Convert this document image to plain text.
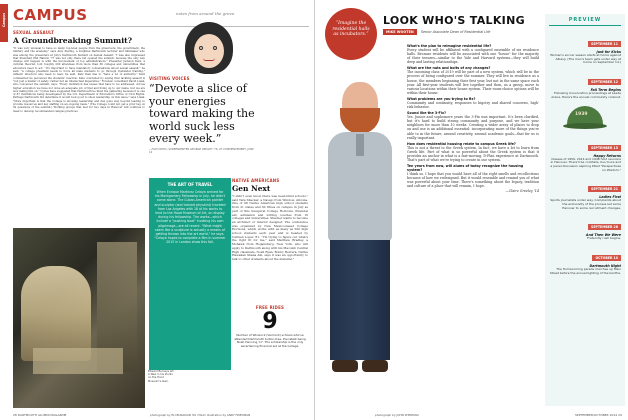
Campus CAMPUS	notes from around the green
SEXUAL ASSAULT
A Groundbreaking Summit?
"It was very unusual to have so many top-level people from the grassroots, the government, the military and the academy," says Amy Ziering, a longtime Dartmouth lecturer and filmmaker who was among the presenters at July's Dartmouth Summit on Sexual Assault. "I was also impressed that President Phil Hanlon '77 was not only there but opened the summit, because the only way change will happen is with the involvement of top administrators." Presenter Jackson Katz, a cultural theorist, told roughly 200 attendees from more than 60 colleges and universities that educators need to act. "It's important to have mandatory conversations about sexual assault," he said. "A college president needs to force all male students to go through bystander training." Athletic directors also need to lead, he said. Katz then has to "have a lot of authority." Katz commented he perceived the students' reaction. Katz concluded by saying that tackling assault is "not just a matter of safety; rather but an intellectual imperative." Forensic consultant David Lisak, who conceived the summit, says, "Every institution has issues that have to be addressed. Across higher education we have not done an adequate job of that and living up to our name, but we are now taking this on." Cycles have suggested that Dartmouth be fined the gathering because it is one of 67 institutions being investigated by the U.S. Department of Education's Office of Civil Rights. Perhaps Dartmouth did determine it would look good to show leadership on this issue," says Lisak. "More important is that the College is showing leadership and has gone way beyond leading to provide resources and key staffing on an ongoing basis." (The College could not get a prior tag on its questions of the summit.) Working groups that met for two days in Hanover will continue to meet to develop recommended campus practices.
Edward Bernays art: A New in his studio on the Hood Museum's lawn.
THE ART OF TRAVEL
When Enrique Martinez Celaya arrived for his Montgomery Fellowship in July, he didn't come alone. The Cuban-American painter and sculptor (and trained physicist) traveled from Los Angeles with 18 of his works to lend to the Hood Museum of Art, on display during his fellowship. The works—which include a "pushing boat" invoking his own pilgrimage—are all recent. "What might seem like a sculpture is actually a means of getting thrown into the art world," he says. "Celaya hopes to complete a film in summer 2015 in London show this fall.
28 DARTMOUTH ALUMNI MAGAZINE	photograph by ELI BURAKIAN '00 (TALK) illustration by ANDY FRIEDMAN
VISITING VOICES
“Devote a slice of your energies toward making the world suck less every week.”
—FILM CRITIC, SCREENWRITER GEORGE WRIGHT '76, AT COMMENCEMENT, JUNE 14
NATIVE AMERICANS
Gen Next
"I didn't even know there was need-blind schools," said Tara Shacker, a Navajo from Window, Arizona. One of 99 Native American high school students from 21 states and 30 tribes on campus in July as part of this inaugural College Horizons, financial aid, admission and writing coaches from 16 colleges and universities. Shacker wants to become an architect or interior designer. The conference was organized by New Mexico-based College Horizons, which works with as many as 500 high school students each year and is headed by Carmen Lopez '81. "I'm trying to figure out what's the right fit for me," said Matthew Bradley, a Mohawk from Hogansburg, New York, who will apply to Dartmouth along with his Macomb Central High classmate. Noah Ryan, Bobby Herrera, Native Hawaiian Shana Ahi, says it was an opportunity to talk to other students about the material."
FREE RIDES
9
Number of Winslock (Vermont) schools who've attended Dartmouth tuition-free, the latest being Noah Henning '17. The scholarship is the only ascertaining financial aid at the College.
“Imagine the residential halls as incubators.”
LOOK WHO'S TALKING
MIKE WOOTEN Senior Associate Dean of Residential Life
What's the plan to reimagine residential life?
Every student will be affiliated with a configured ensemble of six residence halls. Because residents will be associated with one "house" for the majority of their tenures—similar to the Yale and Harvard systems—they will build deep and lasting relationships.
What are the nuts and bolts of any changes?
The incoming class of 2019 will be part of a new system, which will be in the process of being configured over the summer. They will live in residence as a house, the members beginning their first year, but not in the same space each year. All first-year students will live together and then, as a group, move to various locations within their house system. Their room-choice options will be within their house.
What problems are you trying to fix?
Community and continuity, responses to bigotry and shared concerns, high-risk behavior.
Sound like the 3-Fix?
Yes. Junior and sophomore years the 3-Fix was important. It's been clarified, but it's hard to build strong community and purpose, and we have your neighbors for more than 10 weeks. Creating a wider array of places to drop on and use is an additional essential: incorporating more of the things you're able to in the future, around creativity, around academic goals—that for us is really important.
How does residential housing relate to campus Greek life?
This is not a threat to the Greek system. In fact, we have a lot to learn from Greek life. Part of what is so powerful about the Greek system is that it provides an anchor in what is a fast-moving, D-Plan experience at Dartmouth. That's part of what we're trying to create in our system.
Ten years from now, will alums of today recognize the housing system?
I think so. I hope that you would have all of the right smells and recollections because of how we redesigned. But it would resemble and remind you of what was powerful about your time. There's something about the legacy, tradition and culture of a place that will remain, I hope.
—Claire Greeley '14
PREVIEW
SEPTEMBER 11
Just for Kicks
Women's soccer season starts at home against Albany. (The men's team gets under way at home on September 14.)
SEPTEMBER 12
Fall Term Begins
Following Convocation proceedings at Leede Arena, there's the annual community cookout.
1939
SEPTEMBER 15
Happy Returns
Classes of 1959, 2014 and 1948 hold reunions in Hanover. There'll be cocktails, bus tours and a panel discussion aspiring titled "Perspectives on Wisdom."
SEPTEMBER 21
Ladies First
Sports journalists under way. Complaints about the exclusivity of the process led some Hanover to some recruitment changes.
SEPTEMBER 26
And Then We Were
Fraternity rush begins.
OCTOBER 10
Dartmouth Night
The Homecoming parade marches up Main Street before the annual lighting of the bonfire.
photograph by JOHN SHERMAN	SEPTEMBER/OCTOBER 2014 29
